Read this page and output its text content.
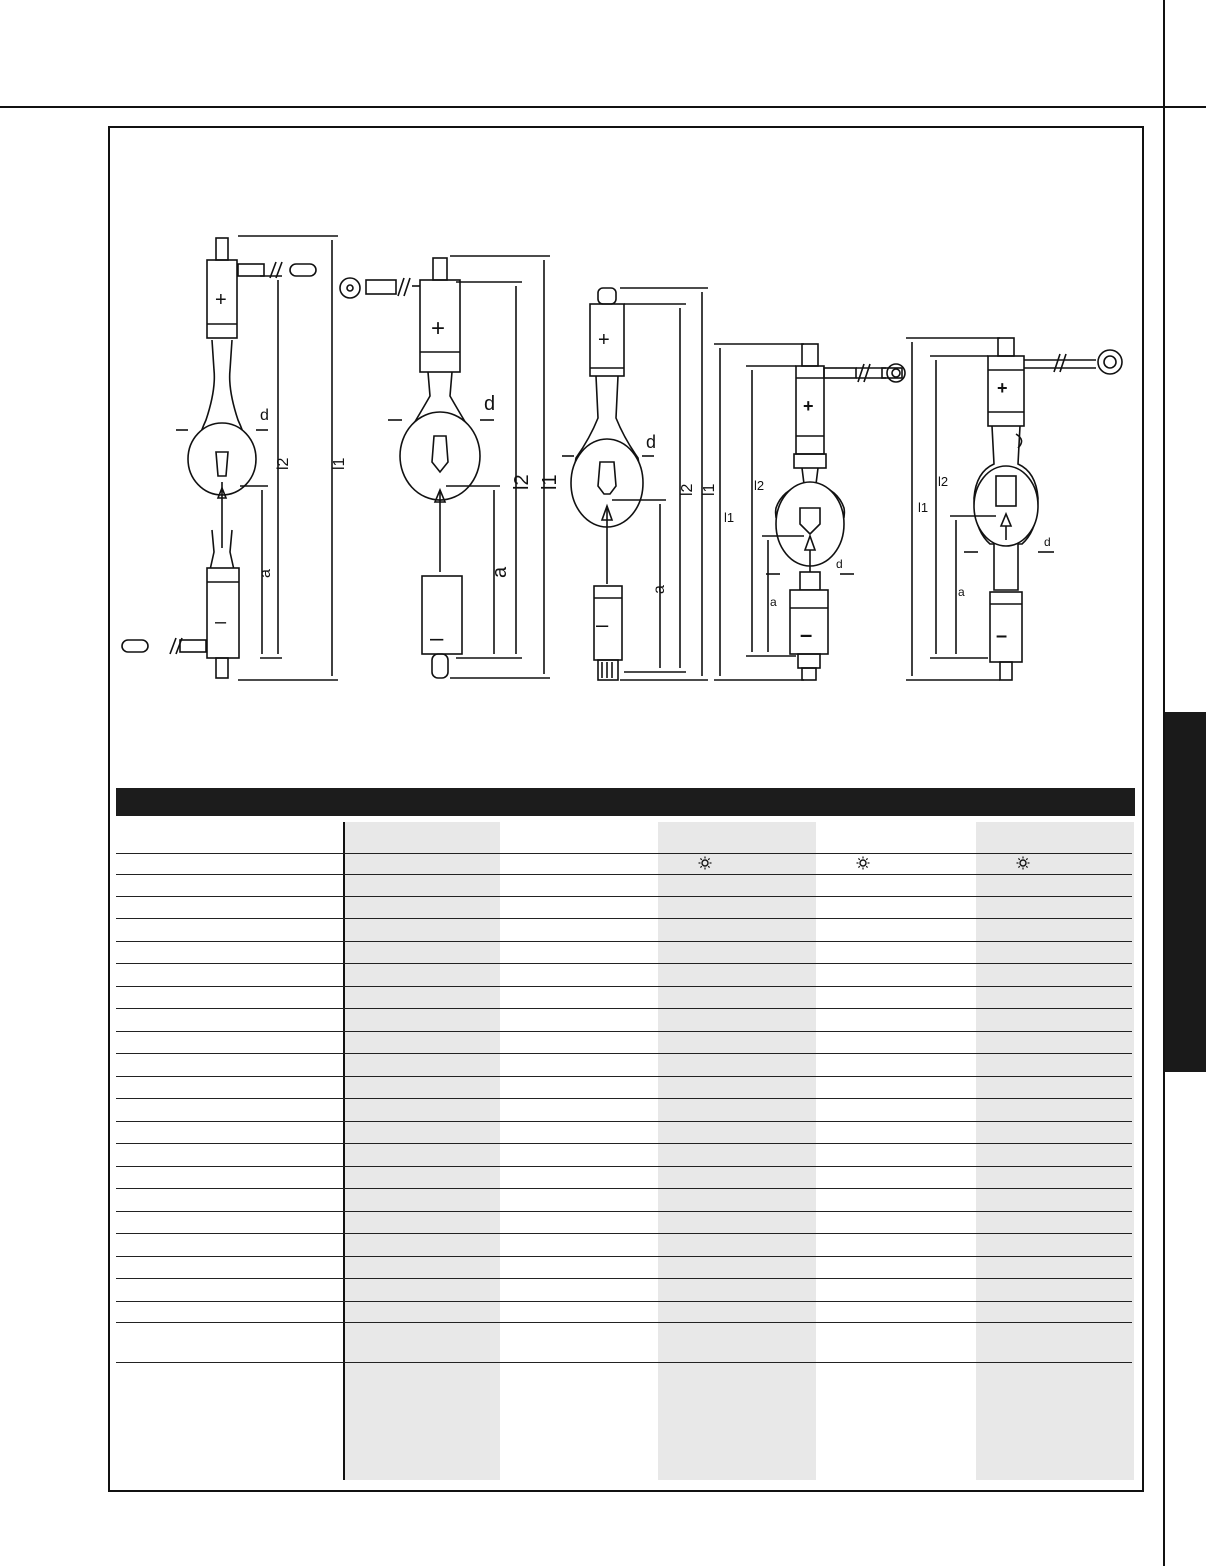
d
d
d
d
d
a	a
a
a
a
l2
l2	l2	l2	l2
l1
l1	l1
l1
l1
+
+	+
+
+
–
–
–	–	–
